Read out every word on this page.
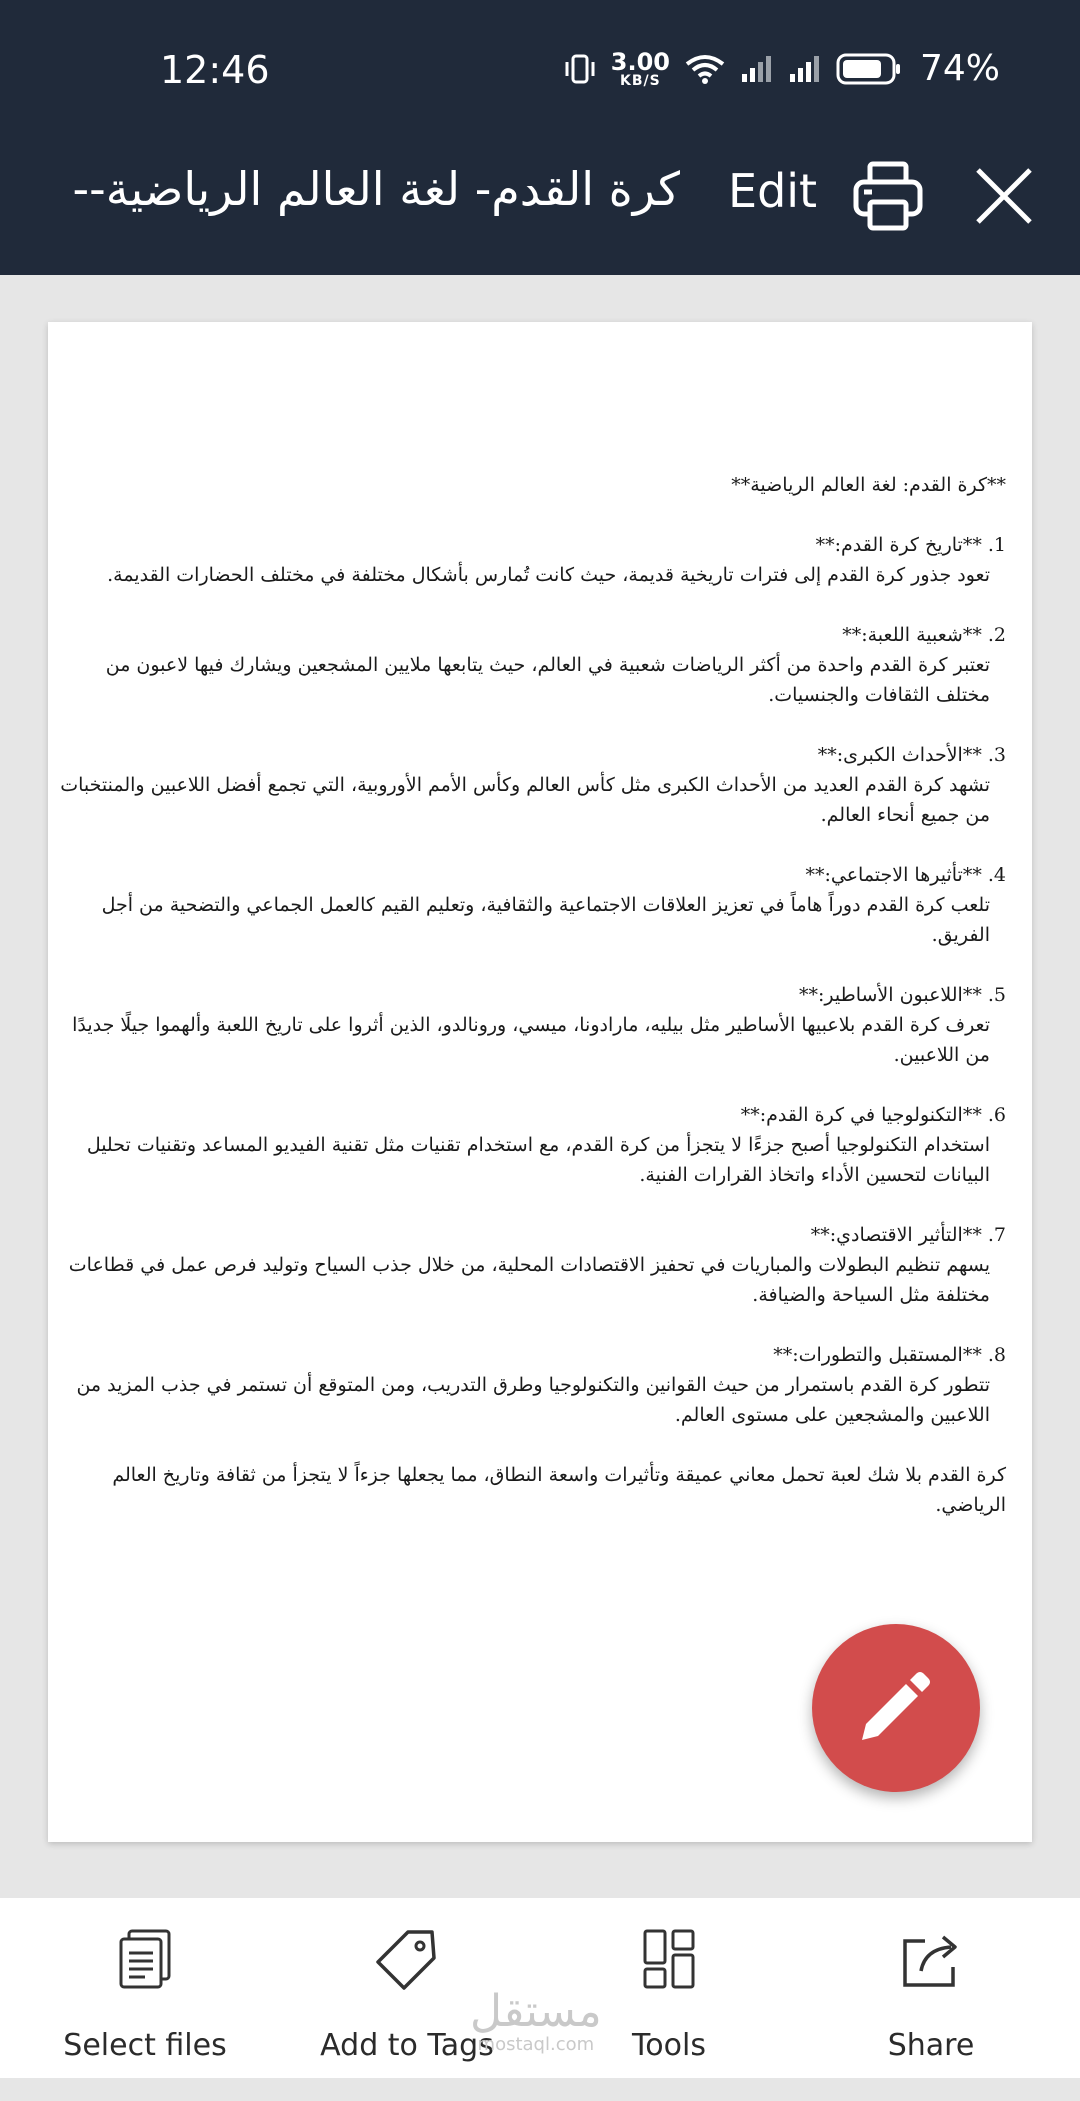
12:46	3.00
KB/S	74%
كرة القدم- لغة العالم الرياضية-- Edit
**كرة القدم: لغة العالم الرياضية**
1. **تاريخ كرة القدم:**
تعود جذور كرة القدم إلى فترات تاريخية قديمة، حيث كانت تُمارس بأشكال مختلفة في مختلف الحضارات القديمة.
2. **شعبية اللعبة:**
تعتبر كرة القدم واحدة من أكثر الرياضات شعبية في العالم، حيث يتابعها ملايين المشجعين ويشارك فيها لاعبون من مختلف الثقافات والجنسيات.
3. **الأحداث الكبرى:**
تشهد كرة القدم العديد من الأحداث الكبرى مثل كأس العالم وكأس الأمم الأوروبية، التي تجمع أفضل اللاعبين والمنتخبات من جميع أنحاء العالم.
4. **تأثيرها الاجتماعي:**
تلعب كرة القدم دوراً هاماً في تعزيز العلاقات الاجتماعية والثقافية، وتعليم القيم كالعمل الجماعي والتضحية من أجل الفريق.
5. **اللاعبون الأساطير:**
تعرف كرة القدم بلاعبيها الأساطير مثل بيليه، مارادونا، ميسي، ورونالدو، الذين أثروا على تاريخ اللعبة وألهموا جيلًا جديدًا من اللاعبين.
6. **التكنولوجيا في كرة القدم:**
استخدام التكنولوجيا أصبح جزءًا لا يتجزأ من كرة القدم، مع استخدام تقنيات مثل تقنية الفيديو المساعد وتقنيات تحليل البيانات لتحسين الأداء واتخاذ القرارات الفنية.
7. **التأثير الاقتصادي:**
يسهم تنظيم البطولات والمباريات في تحفيز الاقتصادات المحلية، من خلال جذب السياح وتوليد فرص عمل في قطاعات مختلفة مثل السياحة والضيافة.
8. **المستقبل والتطورات:**
تتطور كرة القدم باستمرار من حيث القوانين والتكنولوجيا وطرق التدريب، ومن المتوقع أن تستمر في جذب المزيد من اللاعبين والمشجعين على مستوى العالم.
كرة القدم بلا شك لعبة تحمل معاني عميقة وتأثيرات واسعة النطاق، مما يجعلها جزءاً لا يتجزأ من ثقافة وتاريخ العالم الرياضي.
Select files	Add to Tags	Tools	Share
مستقل
mostaql.com
